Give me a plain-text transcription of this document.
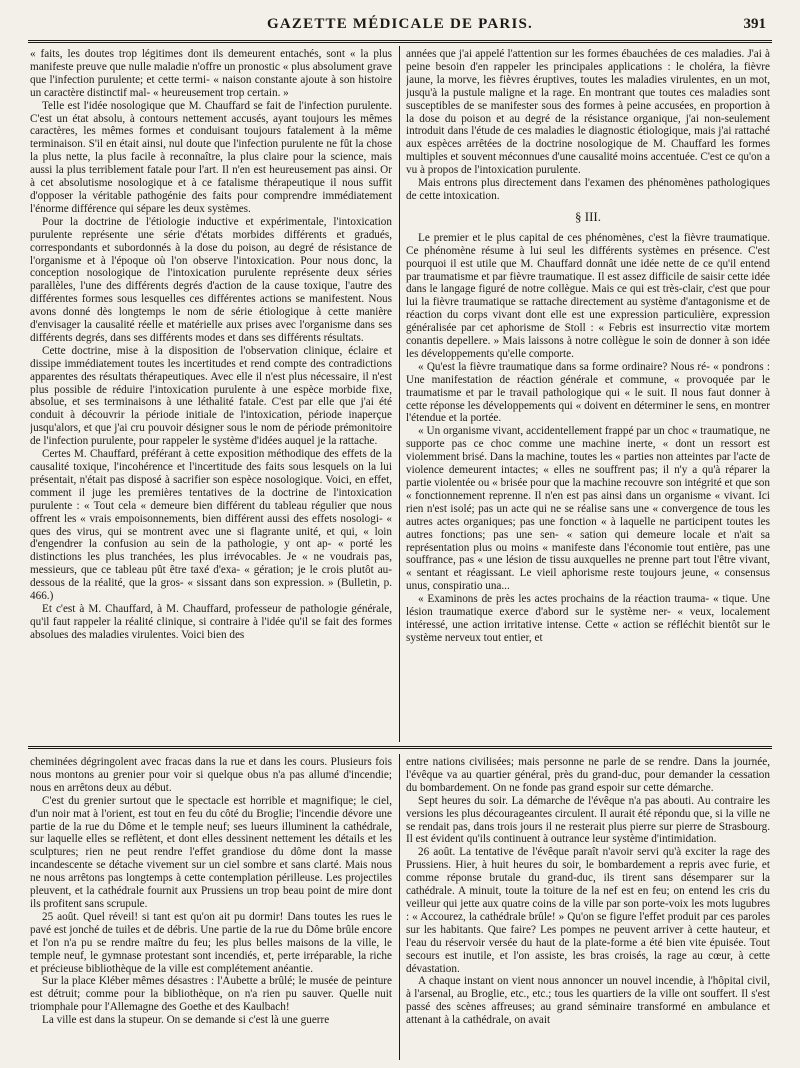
GAZETTE MÉDICALE DE PARIS.	391

« faits, les doutes trop légitimes dont ils demeurent entachés, sont « la plus manifeste preuve que nulle maladie n'offre un pronostic « plus absolument grave que l'infection purulente; et cette termi- « naison constante ajoute à son histoire un caractère distinctif mal- « heureusement trop certain. »

Telle est l'idée nosologique que M. Chauffard se fait de l'infection purulente. C'est un état absolu, à contours nettement accusés, ayant toujours les mêmes caractères, les mêmes formes et conduisant toujours fatalement à la même terminaison. S'il en était ainsi, nul doute que l'infection purulente ne fût la chose la plus nette, la plus facile à reconnaître, la plus claire pour la science, mais aussi la plus terriblement fatale pour l'art. Il n'en est heureusement pas ainsi. Or à cet absolutisme nosologique et à ce fatalisme thérapeutique il nous suffit d'opposer la véritable pathogénie des faits pour comprendre immédiatement l'énorme différence qui sépare les deux systèmes.

Pour la doctrine de l'étiologie inductive et expérimentale, l'intoxication purulente représente une série d'états morbides différents et gradués, correspondants et subordonnés à la dose du poison, au degré de résistance de l'organisme et à l'époque où l'on observe l'intoxication. Pour nous donc, la conception nosologique de l'intoxication purulente représente deux séries parallèles, l'une des différents degrés d'action de la cause toxique, l'autre des différentes formes sous lesquelles ces différentes actions se manifestent. Nous avons donné dès longtemps le nom de série étiologique à cette manière d'envisager la causalité réelle et matérielle aux prises avec l'organisme dans ses différents degrés, dans ses différents modes et dans ses différents résultats.

Cette doctrine, mise à la disposition de l'observation clinique, éclaire et dissipe immédiatement toutes les incertitudes et rend compte des contradictions apparentes des résultats thérapeutiques. Avec elle il n'est plus nécessaire, il n'est plus possible de réduire l'intoxication purulente à une espèce morbide fixe, absolue, et ses terminaisons à une léthalité fatale. C'est par elle que j'ai été conduit à découvrir la période initiale de l'intoxication, période inaperçue jusqu'alors, et que j'ai cru pouvoir désigner sous le nom de période prémonitoire de l'infection purulente, pour rappeler le système d'idées auquel je la rattache.

Certes M. Chauffard, préférant à cette exposition méthodique des effets de la causalité toxique, l'incohérence et l'incertitude des faits sous lesquels on la lui présentait, n'était pas disposé à sacrifier son espèce nosologique. Voici, en effet, comment il juge les premières tentatives de la doctrine de l'intoxication purulente : « Tout cela « demeure bien différent du tableau régulier que nous offrent les « vrais empoisonnements, bien différent aussi des effets nosologi- « ques des virus, qui se montrent avec une si flagrante unité, et qui, « loin d'engendrer la confusion au sein de la pathologie, y ont ap- « porté les distinctions les plus tranchées, les plus irrévocables. Je « ne voudrais pas, messieurs, que ce tableau pût être taxé d'exa- « gération; je le crois plutôt au-dessous de la réalité, que la gros- « sissant dans son expression. » (Bulletin, p. 466.)

Et c'est à M. Chauffard, à M. Chauffard, professeur de pathologie générale, qu'il faut rappeler la réalité clinique, si contraire à l'idée qu'il se fait des formes absolues des maladies virulentes. Voici bien des

années que j'ai appelé l'attention sur les formes ébauchées de ces maladies. J'ai à peine besoin d'en rappeler les principales applications : le choléra, la fièvre jaune, la morve, les fièvres éruptives, toutes les maladies virulentes, en un mot, jusqu'à la pustule maligne et la rage. En montrant que toutes ces maladies sont susceptibles de se manifester sous des formes à peine accusées, en proportion à la dose du poison et au degré de la résistance organique, j'ai non-seulement introduit dans l'étude de ces maladies le diagnostic étiologique, mais j'ai rattaché aux espèces arrêtées de la doctrine nosologique de M. Chauffard les formes multiples et souvent méconnues d'une causalité moins accentuée. C'est ce qu'on a vu à propos de l'intoxication purulente.

Mais entrons plus directement dans l'examen des phénomènes pathologiques de cette intoxication.

§ III.

Le premier et le plus capital de ces phénomènes, c'est la fièvre traumatique. Ce phénomène résume à lui seul les différents systèmes en présence. C'est pourquoi il est utile que M. Chauffard donnât une idée nette de ce qu'il entend par traumatisme et par fièvre traumatique. Il est assez difficile de saisir cette idée dans le langage figuré de notre collègue. Mais ce qui est très-clair, c'est que pour lui la fièvre traumatique se rattache directement au système d'antagonisme et de réaction du corps vivant dont elle est une expression particulière, expression généralisée par cet aphorisme de Stoll : « Febris est insurrectio vitæ mortem conantis depellere. » Mais laissons à notre collègue le soin de donner à son idée les développements qu'elle comporte.

« Qu'est la fièvre traumatique dans sa forme ordinaire? Nous ré- « pondrons : Une manifestation de réaction générale et commune, « provoquée par le traumatisme et par le travail pathologique qui « le suit. Il nous faut donner à cette réponse les développements qui « doivent en déterminer le sens, en montrer l'étendue et la portée.

« Un organisme vivant, accidentellement frappé par un choc « traumatique, ne supporte pas ce choc comme une machine inerte, « dont un ressort est violemment brisé. Dans la machine, toutes les « parties non atteintes par l'acte de violence demeurent intactes; « elles ne souffrent pas; il n'y a qu'à réparer la partie violentée ou « brisée pour que la machine recouvre son intégrité et que son « fonctionnement reprenne. Il n'en est pas ainsi dans un organisme « vivant. Ici rien n'est isolé; pas un acte qui ne se réalise sans une « convergence de tous les autres actes organiques; pas une fonction « à laquelle ne participent toutes les autres fonctions; pas une sen- « sation qui demeure locale et n'ait sa représentation plus ou moins « manifeste dans l'économie tout entière, pas une souffrance, pas « une lésion de tissu auxquelles ne prenne part tout l'être vivant, « sentant et réagissant. Le vieil aphorisme reste toujours jeune, « consensus unus, conspiratio una...

« Examinons de près les actes prochains de la réaction trauma- « tique. Une lésion traumatique exerce d'abord sur le système ner- « veux, localement intéressé, une action irritative intense. Cette « action se réfléchit bientôt sur le système nerveux tout entier, et

cheminées dégringolent avec fracas dans la rue et dans les cours. Plusieurs fois nous montons au grenier pour voir si quelque obus n'a pas allumé d'incendie; nous en arrêtons deux au début.

C'est du grenier surtout que le spectacle est horrible et magnifique; le ciel, d'un noir mat à l'orient, est tout en feu du côté du Broglie; l'incendie dévore une partie de la rue du Dôme et le temple neuf; ses lueurs illuminent la cathédrale, sur laquelle elles se reflètent, et dont elles dessinent nettement les détails et les sculptures; rien ne peut rendre l'effet grandiose du dôme dont la masse incandescente se détache vivement sur un ciel sombre et sans clarté. Mais nous ne nous arrêtons pas longtemps à cette contemplation périlleuse. Les projectiles pleuvent, et la cathédrale fournit aux Prussiens un trop beau point de mire dont ils profitent sans scrupule.

25 août. Quel réveil! si tant est qu'on ait pu dormir! Dans toutes les rues le pavé est jonché de tuiles et de débris. Une partie de la rue du Dôme brûle encore et l'on n'a pu se rendre maître du feu; les plus belles maisons de la ville, le temple neuf, le gymnase protestant sont incendiés, et, perte irréparable, la riche et précieuse bibliothèque de la ville est complétement anéantie.

Sur la place Kléber mêmes désastres : l'Aubette a brûlé; le musée de peinture est détruit; comme pour la bibliothèque, on n'a rien pu sauver. Quelle nuit triomphale pour l'Allemagne des Goethe et des Kaulbach!

La ville est dans la stupeur. On se demande si c'est là une guerre

entre nations civilisées; mais personne ne parle de se rendre. Dans la journée, l'évêque va au quartier général, près du grand-duc, pour demander la cessation du bombardement. On ne fonde pas grand espoir sur cette démarche.

Sept heures du soir. La démarche de l'évêque n'a pas abouti. Au contraire les versions les plus décourageantes circulent. Il aurait été répondu que, si la ville ne se rendait pas, dans trois jours il ne resterait plus pierre sur pierre de Strasbourg. Il est évident qu'ils continuent à outrance leur système d'intimidation.

26 août. La tentative de l'évêque paraît n'avoir servi qu'à exciter la rage des Prussiens. Hier, à huit heures du soir, le bombardement a repris avec furie, et comme réponse brutale du grand-duc, ils tirent sans désemparer sur la cathédrale. A minuit, toute la toiture de la nef est en feu; on entend les cris du veilleur qui jette aux quatre coins de la ville par son porte-voix les mots lugubres : « Accourez, la cathédrale brûle! » Qu'on se figure l'effet produit par ces paroles sur les habitants. Que faire? Les pompes ne peuvent arriver à cette hauteur, et l'eau du réservoir versée du haut de la plate-forme a été bien vite épuisée. Tout secours est inutile, et l'on assiste, les bras croisés, la rage au cœur, à cette dévastation.

A chaque instant on vient nous annoncer un nouvel incendie, à l'hôpital civil, à l'arsenal, au Broglie, etc., etc.; tous les quartiers de la ville ont souffert. Il s'est passé des scènes affreuses; au grand séminaire transformé en ambulance et attenant à la cathédrale, on avait
